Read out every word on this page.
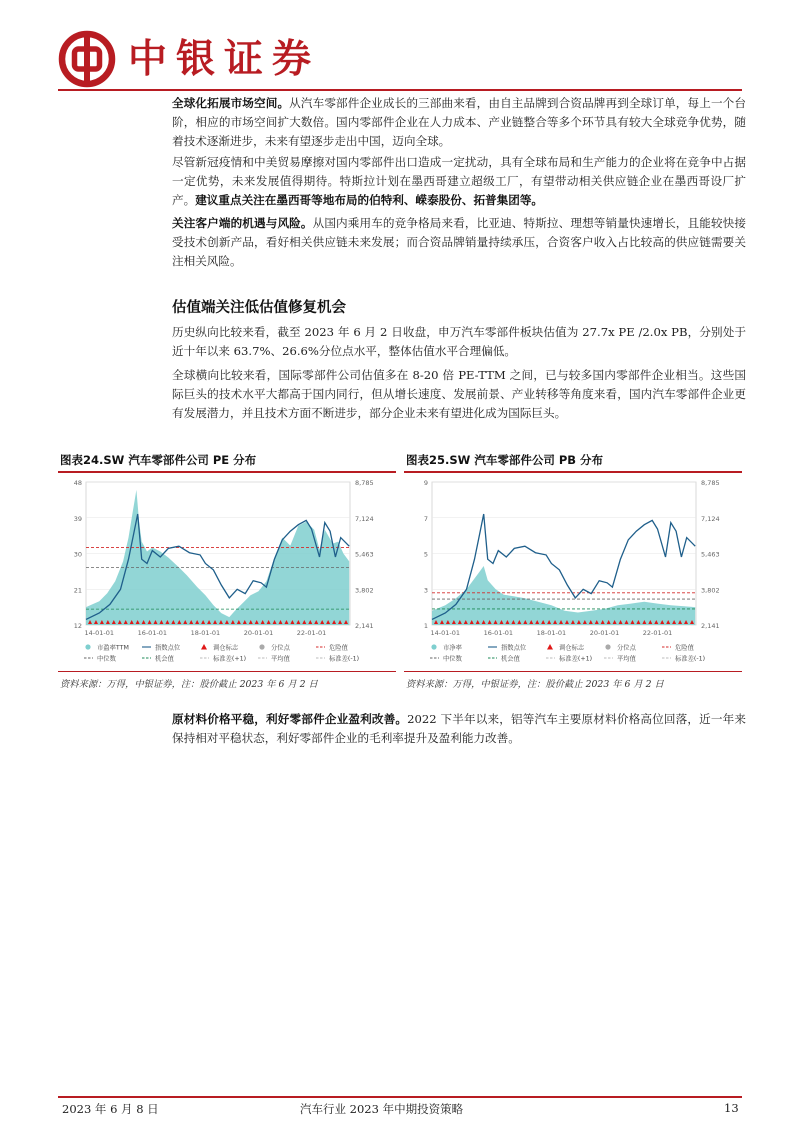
中银证券

全球化拓展市场空间。从汽车零部件企业成长的三部曲来看，由自主品牌到合资品牌再到全球订单，每上一个台阶，相应的市场空间扩大数倍。国内零部件企业在人力成本、产业链整合等多个环节具有较大全球竞争优势，随着技术逐渐进步，未来有望逐步走出中国，迈向全球。

尽管新冠疫情和中美贸易摩擦对国内零部件出口造成一定扰动，具有全球布局和生产能力的企业将在竞争中占据一定优势，未来发展值得期待。特斯拉计划在墨西哥建立超级工厂，有望带动相关供应链企业在墨西哥设厂扩产。建议重点关注在墨西哥等地布局的伯特利、嵘泰股份、拓普集团等。

关注客户端的机遇与风险。从国内乘用车的竞争格局来看，比亚迪、特斯拉、理想等销量快速增长，且能较快接受技术创新产品，看好相关供应链未来发展；而合资品牌销量持续承压，合资客户收入占比较高的供应链需要关注相关风险。

估值端关注低估值修复机会

历史纵向比较来看，截至 2023 年 6 月 2 日收盘，申万汽车零部件板块估值为 27.7x PE /2.0x PB，分别处于近十年以来 63.7%、26.6%分位点水平，整体估值水平合理偏低。

全球横向比较来看，国际零部件公司估值多在 8-20 倍 PE-TTM 之间，已与较多国内零部件企业相当。这些国际巨头的技术水平大都高于国内同行，但从增长速度、发展前景、产业转移等角度来看，国内汽车零部件企业更有发展潜力，并且技术方面不断进步，部分企业未来有望进化成为国际巨头。

图表24.SW 汽车零部件公司 PE 分布
48
39
30
21
12
8,785
7,124
5,463
3,802
2,141
14-01-01	16-01-01	18-01-01	20-01-01	22-01-01
市盈率TTM	指数点位	调仓标志	分位点	危险值
中位数	机会值	标准差(+1)	平均值	标准差(-1)
资料来源：万得，中银证券，注：股价截止 2023 年 6 月 2 日
图表25.SW 汽车零部件公司 PB 分布
9
7
5
3
1
8,785
7,124
5,463
3,802
2,141
14-01-01	16-01-01	18-01-01	20-01-01	22-01-01
市净率	指数点位	调仓标志	分位点	危险值
中位数	机会值	标准差(+1)	平均值	标准差(-1)
资料来源：万得，中银证券，注：股价截止 2023 年 6 月 2 日

原材料价格平稳，利好零部件企业盈利改善。2022 下半年以来，铝等汽车主要原材料价格高位回落，近一年来保持相对平稳状态，利好零部件企业的毛利率提升及盈利能力改善。

2023 年 6 月 8 日	汽车行业 2023 年中期投资策略	13
